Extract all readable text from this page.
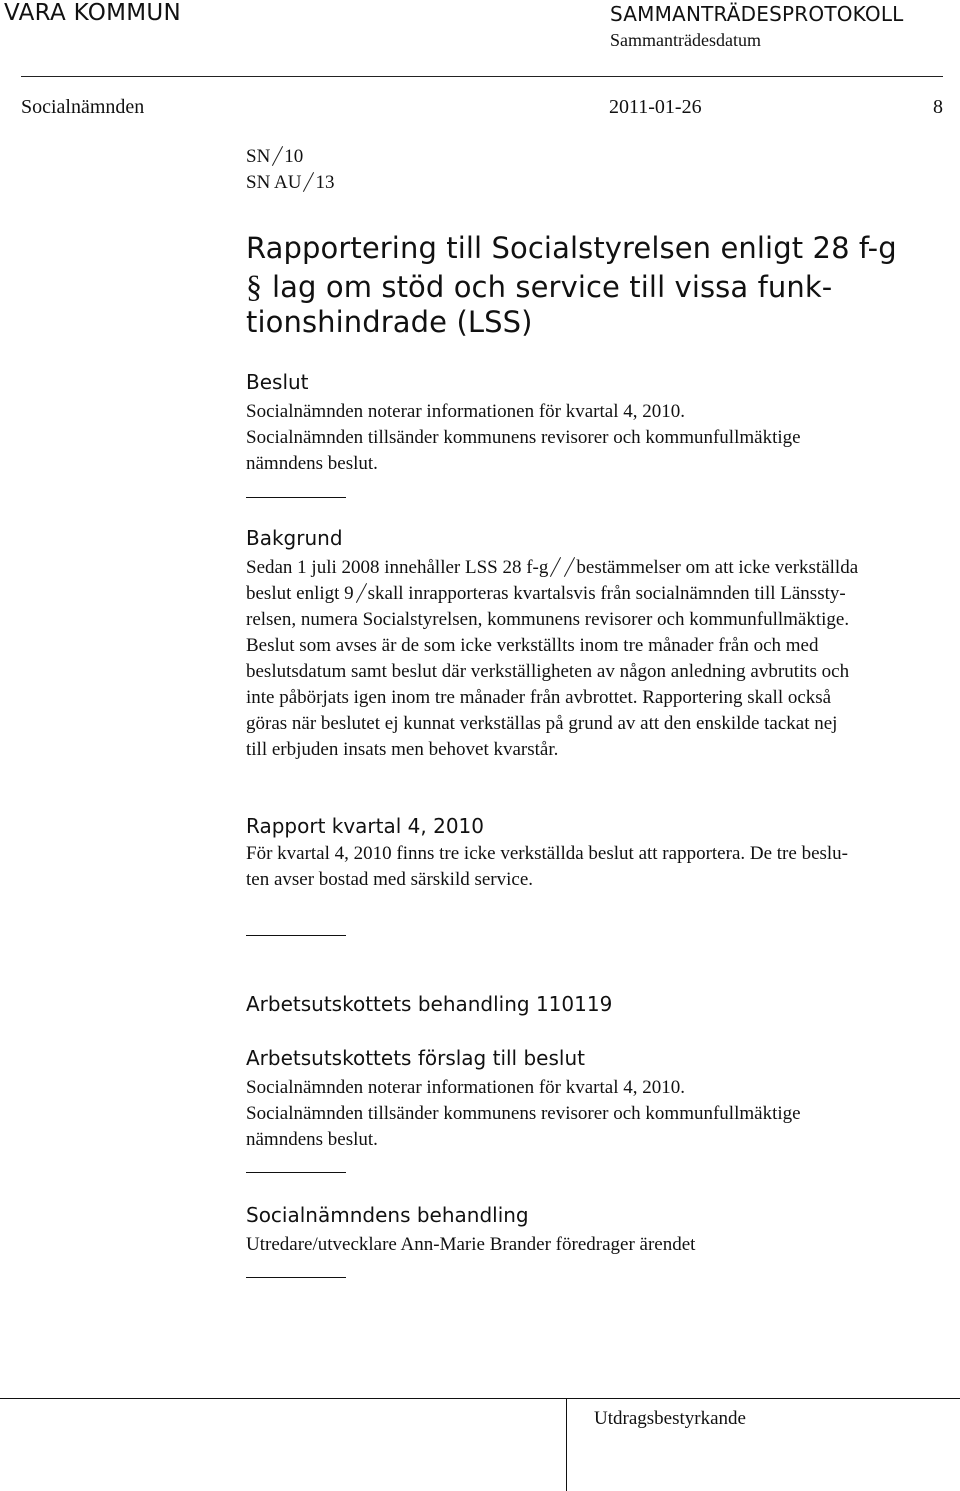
VARA KOMMUN	SAMMANTRÄDESPROTOKOLL
Sammanträdesdatum
Socialnämnden	2011-01-26	8
SN 10
SN AU 13
Rapportering till Socialstyrelsen enligt 28 f-g
§ lag om stöd och service till vissa funk-
tionshindrade (LSS)
Beslut
Socialnämnden noterar informationen för kvartal 4, 2010.
Socialnämnden tillsänder kommunens revisorer och kommunfullmäktige
nämndens beslut.
Bakgrund
Sedan 1 juli 2008 innehåller LSS 28 f-g bestämmelser om att icke verkställda
beslut enligt 9 skall inrapporteras kvartalsvis från socialnämnden till Länssty-
relsen, numera Socialstyrelsen, kommunens revisorer och kommunfullmäktige.
Beslut som avses är de som icke verkställts inom tre månader från och med
beslutsdatum samt beslut där verkställigheten av någon anledning avbrutits och
inte påbörjats igen inom tre månader från avbrottet. Rapportering skall också
göras när beslutet ej kunnat verkställas på grund av att den enskilde tackat nej
till erbjuden insats men behovet kvarstår.
Rapport kvartal 4, 2010
För kvartal 4, 2010 finns tre icke verkställda beslut att rapportera. De tre beslu-
ten avser bostad med särskild service.
Arbetsutskottets behandling 110119
Arbetsutskottets förslag till beslut
Socialnämnden noterar informationen för kvartal 4, 2010.
Socialnämnden tillsänder kommunens revisorer och kommunfullmäktige
nämndens beslut.
Socialnämndens behandling
Utredare/utvecklare Ann-Marie Brander föredrager ärendet
Utdragsbestyrkande
